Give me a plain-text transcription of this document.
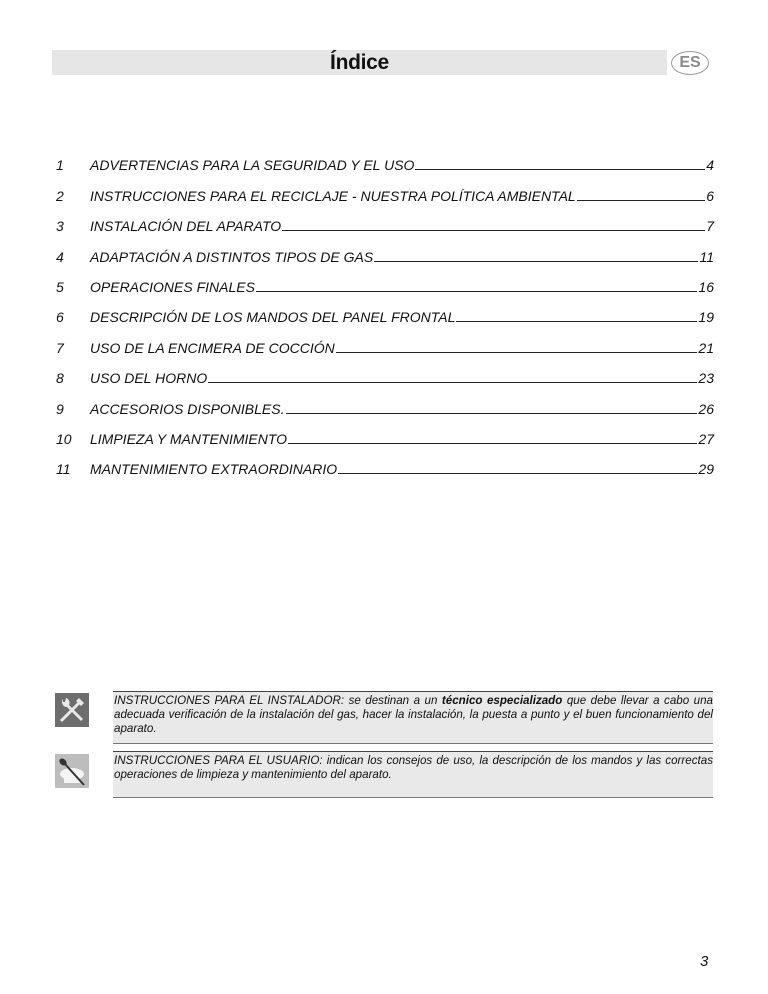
Índice	ES
1	ADVERTENCIAS PARA LA SEGURIDAD Y EL USO	4
2	INSTRUCCIONES PARA EL RECICLAJE - NUESTRA POLÍTICA AMBIENTAL	6
3	INSTALACIÓN DEL APARATO	7
4	ADAPTACIÓN A DISTINTOS TIPOS DE GAS	11
5	OPERACIONES FINALES	16
6	DESCRIPCIÓN DE LOS MANDOS DEL PANEL FRONTAL	19
7	USO DE LA ENCIMERA DE COCCIÓN	21
8	USO DEL HORNO	23
9	ACCESORIOS DISPONIBLES.	26
10	LIMPIEZA Y MANTENIMIENTO	27
11	MANTENIMIENTO EXTRAORDINARIO	29
INSTRUCCIONES PARA EL INSTALADOR: se destinan a un técnico especializado que debe llevar a cabo una adecuada verificación de la instalación del gas, hacer la instalación, la puesta a punto y el buen funcionamiento del aparato.
INSTRUCCIONES PARA EL USUARIO: indican los consejos de uso, la descripción de los mandos y las correctas operaciones de limpieza y mantenimiento del aparato.
3
